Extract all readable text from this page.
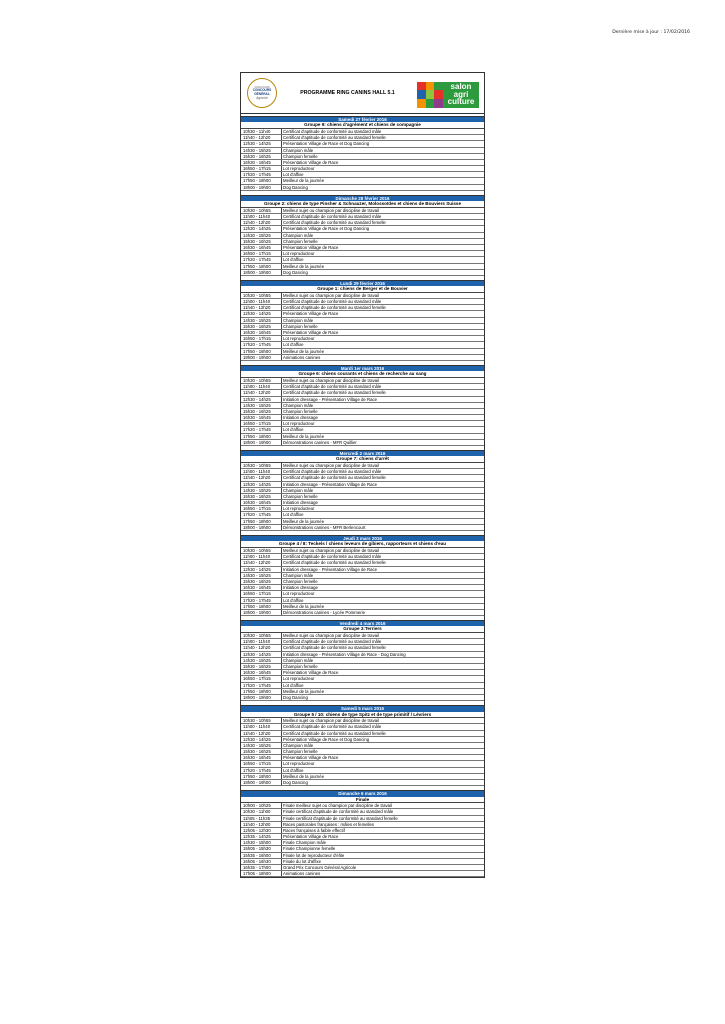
Dernière mise à jour : 17/02/2016
CONCOURS
CONCOURS
GÉNÉRAL
Agricole
PROGRAMME RING CANINS HALL 5.1
salon
agri
culture
Samedi 27 février 2016
Groupe 9: chiens d'agrément et chiens de compagnie
10h30 - 11h40	Certificat d'aptitude de conformité au standard mâle
11h40 - 12h20	Certificat d'aptitude de conformité au standard femelle
12h30 - 14h25	Présentation Village de Race et Dog Dancing
14h30 - 15h25	Champion mâle
15h30 - 16h25	Champion femelle
16h30 - 16h45	Présentation Village de Race
16h50 - 17h15	Lot reproducteur
17h20 - 17h45	Lot d'affixe
17h50 - 18h00	Meilleur de la journée
18h00 - 19h00	Dog Dancing
Dimanche 28 février 2016
Groupe 2: chiens de type Pinsher & Schnauzer, Molossoïdes et chiens de Bouviers Suisse
10h30 - 10h55	Meilleur sujet ou champion par discipline de travail
11h00 - 11h40	Certificat d'aptitude de conformité au standard mâle
11h40 - 12h20	Certificat d'aptitude de conformité au standard femelle
12h30 - 14h25	Présentation Village de Race et Dog Dancing
14h30 - 15h25	Champion mâle
15h30 - 16h25	Champion femelle
16h30 - 16h45	Présentation Village de Race
16h50 - 17h15	Lot reproducteur
17h20 - 17h45	Lot d'affixe
17h50 - 18h00	Meilleur de la journée
18h00 - 19h00	Dog Dancing
Lundi 29 février 2016
Groupe 1: chiens de Berger et de Bouvier
10h30 - 10h55	Meilleur sujet ou champion par discipline de travail
11h00 - 11h40	Certificat d'aptitude de conformité au standard mâle
11h40 - 12h20	Certificat d'aptitude de conformité au standard femelle
12h30 - 14h25	Présentation Village de Race
14h30 - 15h25	Champion mâle
15h30 - 16h25	Champion femelle
16h30 - 16h45	Présentation Village de Race
16h50 - 17h15	Lot reproducteur
17h20 - 17h45	Lot d'affixe
17h50 - 18h00	Meilleur de la journée
18h00 - 19h00	Animations canines
Mardi 1er mars 2016
Groupe 6: chiens courants et chiens de recherche au sang
10h30 - 10h55	Meilleur sujet ou champion par discipline de travail
11h00 - 11h40	Certificat d'aptitude de conformité au standard mâle
11h40 - 12h20	Certificat d'aptitude de conformité au standard femelle
12h30 - 14h25	Initiation dressage - Présentation Village de Race
14h30 - 15h25	Champion mâle
15h30 - 16h25	Champion femelle
16h30 - 16h45	Initiation dressage
16h50 - 17h15	Lot reproducteur
17h20 - 17h45	Lot d'affixe
17h50 - 18h00	Meilleur de la journée
18h00 - 19h00	Démonstrations canines - MFR Quillier
Mercredi 2 mars 2016
Groupe 7: chiens d'arrêt
10h30 - 10h55	Meilleur sujet ou champion par discipline de travail
11h00 - 11h40	Certificat d'aptitude de conformité au standard mâle
11h40 - 12h20	Certificat d'aptitude de conformité au standard femelle
12h30 - 14h25	Initiation dressage - Présentation Village de Race
14h30 - 15h25	Champion mâle
15h30 - 16h25	Champion femelle
16h30 - 16h45	Initiation dressage
16h50 - 17h15	Lot reproducteur
17h20 - 17h45	Lot d'affixe
17h50 - 18h00	Meilleur de la journée
18h00 - 19h00	Démonstrations canines - MFR Berlencourt
Jeudi 3 mars 2016
Groupe 4 / 8: Teckels / chiens leveurs de gibiers, rapporteurs et chiens d'eau
10h30 - 10h55	Meilleur sujet ou champion par discipline de travail
11h00 - 11h40	Certificat d'aptitude de conformité au standard mâle
11h40 - 12h20	Certificat d'aptitude de conformité au standard femelle
12h30 - 14h25	Initiation dressage - Présentation Village de Race
14h30 - 15h25	Champion mâle
15h30 - 16h25	Champion femelle
16h30 - 16h45	Initiation dressage
16h50 - 17h15	Lot reproducteur
17h20 - 17h45	Lot d'affixe
17h50 - 18h00	Meilleur de la journée
18h00 - 19h00	Démonstrations canines - Lycée Pommerie
Vendredi 4 mars 2016
Groupe 3:Terriers
10h30 - 10h55	Meilleur sujet ou champion par discipline de travail
11h00 - 11h40	Certificat d'aptitude de conformité au standard mâle
11h40 - 12h20	Certificat d'aptitude de conformité au standard femelle
12h30 - 14h25	Initiation dressage - Présentation Village de Race - Dog Dancing
14h30 - 15h25	Champion mâle
15h30 - 16h25	Champion femelle
16h30 - 16h45	Présentation Village de Race
16h50 - 17h15	Lot reproducteur
17h20 - 17h45	Lot d'affixe
17h50 - 18h00	Meilleur de la journée
18h00 - 19h00	Dog Dancing
Samedi 5 mars 2016
Groupe 5 / 10: chiens de type Spitz et de type primitif / Lévriers
10h30 - 10h55	Meilleur sujet ou champion par discipline de travail
11h00 - 11h40	Certificat d'aptitude de conformité au standard mâle
11h40 - 12h20	Certificat d'aptitude de conformité au standard femelle
12h30 - 14h25	Présentation Village de Race et Dog Dancing
14h30 - 15h25	Champion mâle
15h30 - 16h25	Champion femelle
16h30 - 16h45	Présentation Village de Race
16h50 - 17h15	Lot reproducteur
17h20 - 17h45	Lot d'affixe
17h50 - 18h00	Meilleur de la journée
18h00 - 19h00	Dog Dancing
Dimanche 6 mars 2016
Finale
10h00 - 10h25	Finale meilleur sujet ou champion par discipline de travail
10h30 - 11h00	Finale certificat d'aptitude de conformité au standard mâle
11h05 - 11h35	Finale certificat d'aptitude de conformité au standard femelle
11h40 - 12h00	Races pastorales françaises : mâles et femelles
12h05 - 12h30	Races françaises à faible effectif
12h35 - 14h25	Présentation Village de Race
14h30 - 15h00	Finale Champion mâle
15h05 - 15h30	Finale Championne femelle
15h35 - 16h00	Finale lot de reproducteur d'élite
16h05 - 16h30	Finale du lot d'affixe
16h35 - 17h00	Grand Prix Concours Général Agricole
17h05 - 18h00	Animations canines
